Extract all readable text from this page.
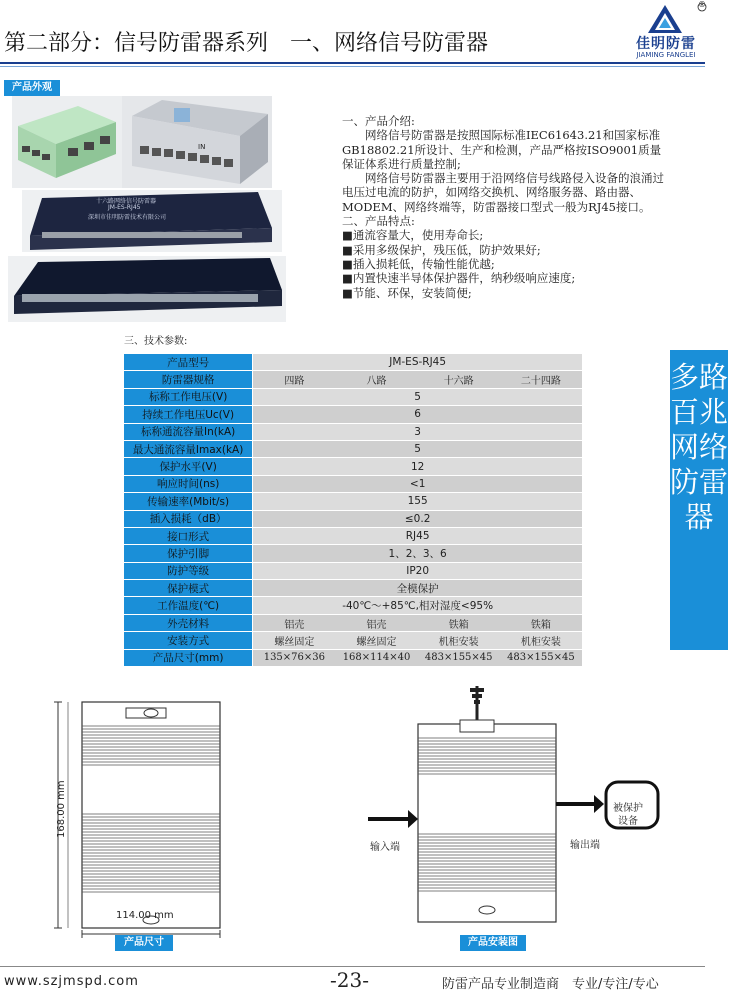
第二部分：信号防雷器系列　一、网络信号防雷器
®
佳明防雷
JIAMING FANGLEI
产品外观
IN
十六路网络信号防雷器
JM-ES-RJ45
深圳市佳明防雷技术有限公司

一、产品介绍:

网络信号防雷器是按照国际标准IEC61643.21和国家标准GB18802.21所设计、生产和检测，产品严格按ISO9001质量保证体系进行质量控制;

网络信号防雷器主要用于沿网络信号线路侵入设备的浪涌过电压过电流的防护，如网络交换机、网络服务器、路由器、MODEM、网络终端等，防雷器接口型式一般为RJ45接口。

二、产品特点:

■通流容量大，使用寿命长;

■采用多级保护，残压低，防护效果好;

■插入损耗低，传输性能优越;

■内置快速半导体保护器件，纳秒级响应速度;

■节能、环保，安装简便;

三、技术参数:
产品型号	JM-ES-RJ45			
防雷器规格	四路	八路	十六路	二十四路
标称工作电压(V)	5			
持续工作电压Uc(V)	6			
标称通流容量In(kA)	3			
最大通流容量Imax(kA)	5			
保护水平(V)	12			
响应时间(ns)	<1			
传输速率(Mbit/s)	155			
插入损耗（dB）	≤0.2			
接口形式	RJ45			
保护引脚	1、2、3、6			
防护等级	IP20			
保护模式	全模保护			
工作温度(℃)	-40℃～+85℃,相对湿度<95%			
外壳材料	铝壳	铝壳	铁箱	铁箱
安装方式	螺丝固定	螺丝固定	机柜安装	机柜安装
产品尺寸(mm)	135×76×36	168×114×40	483×155×45	483×155×45
多路百兆网络防雷器
168.00 mm
114.00 mm
产品尺寸
输入端	输出端
被保护
设备
产品安装图
www.szjmspd.com	-23-	防雷产品专业制造商　专业/专注/专心
